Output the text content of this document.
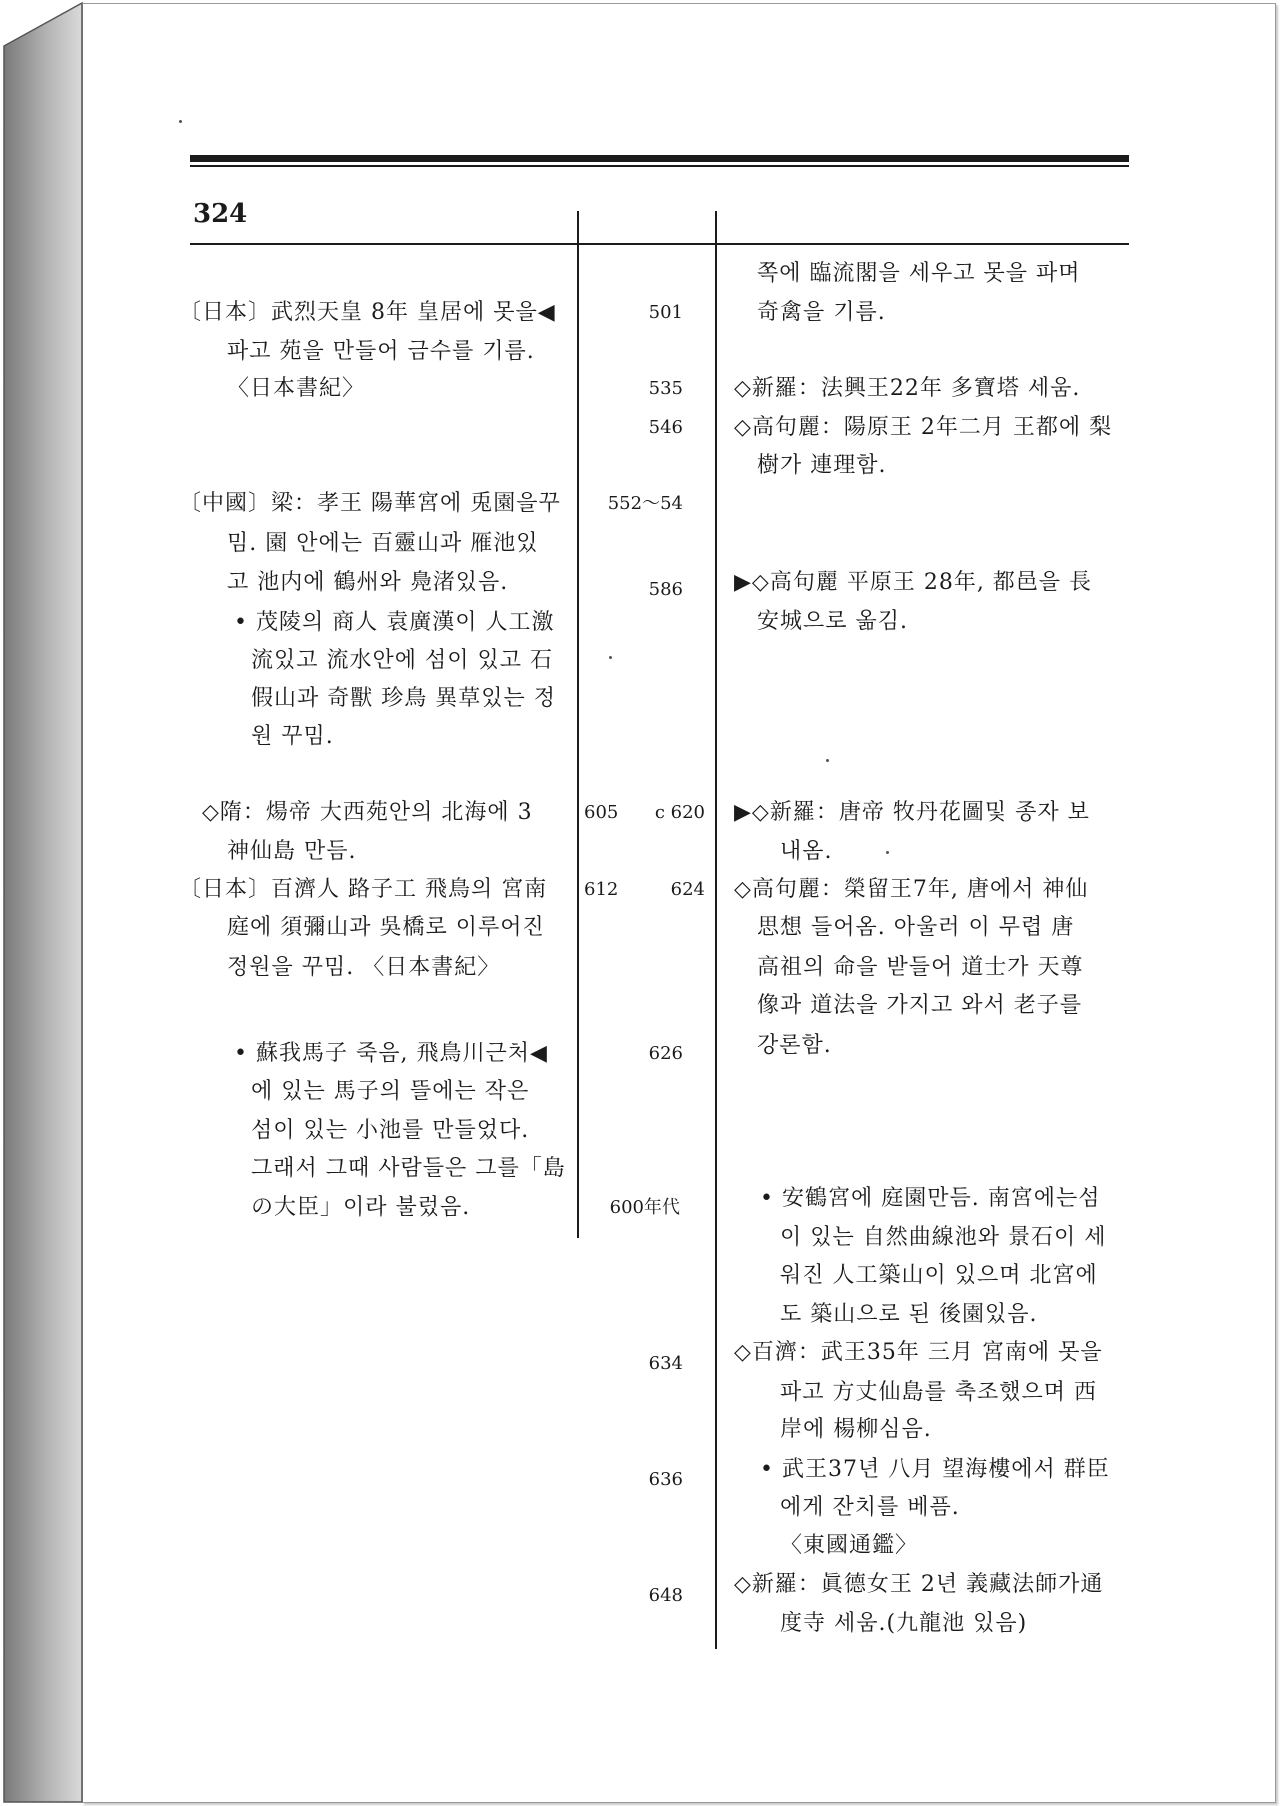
324
〔日本〕武烈天皇 8年 皇居에 못을◀
파고 苑을 만들어 금수를 기름.
〈日本書紀〉
〔中國〕梁：孝王 陽華宮에 兎園을꾸
밈. 園 안에는 百靈山과 雁池있
고 池内에 鶴州와 鳧渚있음.
• 茂陵의 商人 袁廣漢이 人工激
流있고 流水안에 섬이 있고 石
假山과 奇獸 珍鳥 異草있는 정
원 꾸밈.
◇隋：煬帝 大西苑안의 北海에 3
神仙島 만듬.
〔日本〕百濟人 路子工 飛鳥의 宮南
庭에 須彌山과 吳橋로 이루어진
정원을 꾸밈. 〈日本書紀〉
• 蘇我馬子 죽음, 飛鳥川근처◀
에 있는 馬子의 뜰에는 작은
섬이 있는 小池를 만들었다.
그래서 그때 사람들은 그를「島
の大臣」이라 불렀음.
501
535
546
552～54
586
605 c 620
612	624
626
600年代
634
636
648
쪽에 臨流閣을 세우고 못을 파며
奇禽을 기름.
◇新羅：法興王22年 多寶塔 세움.
◇高句麗：陽原王 2年二月 王都에 梨
樹가 連理함.
▶◇高句麗 平原王 28年, 都邑을 長
安城으로 옮김.
▶◇新羅：唐帝 牧丹花圖및 종자 보
내옴.
◇高句麗：榮留王7年, 唐에서 神仙
思想 들어옴. 아울러 이 무렵 唐
高祖의 命을 받들어 道士가 天尊
像과 道法을 가지고 와서 老子를
강론함.
• 安鶴宮에 庭園만듬. 南宮에는섬
이 있는 自然曲線池와 景石이 세
워진 人工築山이 있으며 北宮에
도 築山으로 된 後園있음.
◇百濟：武王35年 三月 宮南에 못을
파고 方丈仙島를 축조했으며 西
岸에 楊柳심음.
• 武王37년 八月 望海樓에서 群臣
에게 잔치를 베픔.
〈東國通鑑〉
◇新羅：眞德女王 2년 義藏法師가通
度寺 세움.(九龍池 있음)
